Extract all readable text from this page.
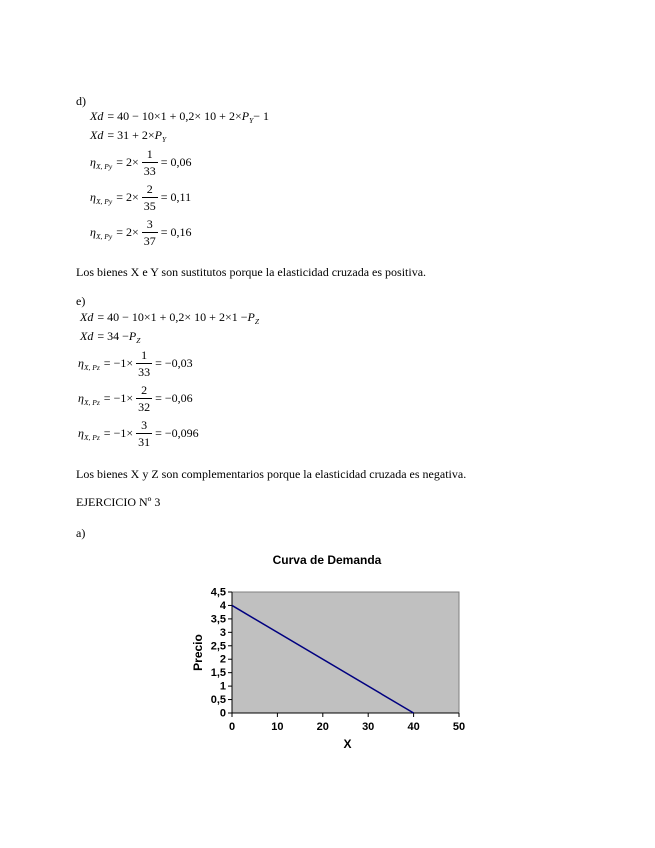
d)
Xd = 40 − 10×1 + 0,2× 10 + 2× P Y − 1
Xd = 31 + 2× P Y
η X, $Py = 2\times \frac{1}{33} = 0,06$
η X, $Py = 2\times \frac{2}{35} = 0,11$
η X, $Py = 2\times \frac{3}{37} = 0,16$
Los bienes X e Y son sustitutos porque la elasticidad cruzada es positiva.
e)
Xd = 40 − 10×1 + 0,2× 10 + 2×1 − P Z
Xd = 34 − P Z
η X, $Pz = -1\times \frac{1}{33} = -0,03$
η X, $Pz = -1\times \frac{2}{32} = -0,06$
η X, $Pz = -1\times \frac{3}{31} = -0,096$
Los bienes X y Z son complementarios porque la elasticidad cruzada es negativa.
EJERCICIO Nº 3
a)
Curva de Demanda
0
0,5
1
1,5
2
2,5
3
3,5
4
4,5
0	10	20	30	40	50
X
Precio
